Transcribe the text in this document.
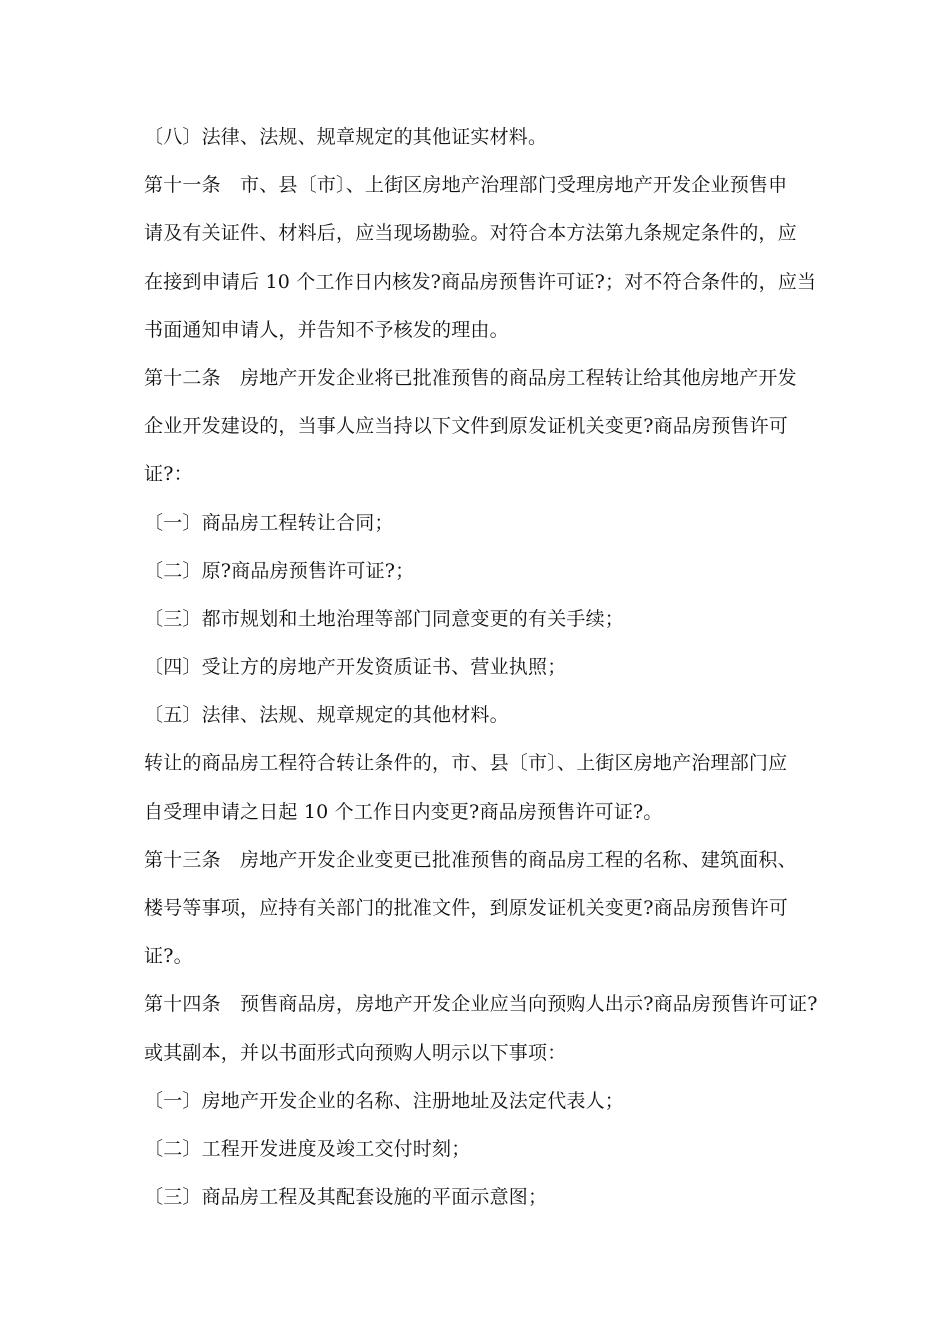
〔八〕法律、法规、规章规定的其他证实材料。
第十一条　市、县〔市〕、上街区房地产治理部门受理房地产开发企业预售申
请及有关证件、材料后，应当现场勘验。对符合本方法第九条规定条件的，应
在接到申请后 10 个工作日内核发?商品房预售许可证?；对不符合条件的，应当
书面通知申请人，并告知不予核发的理由。
第十二条　房地产开发企业将已批准预售的商品房工程转让给其他房地产开发
企业开发建设的，当事人应当持以下文件到原发证机关变更?商品房预售许可
证?：
〔一〕商品房工程转让合同；
〔二〕原?商品房预售许可证?；
〔三〕都市规划和土地治理等部门同意变更的有关手续；
〔四〕受让方的房地产开发资质证书、营业执照；
〔五〕法律、法规、规章规定的其他材料。
转让的商品房工程符合转让条件的，市、县〔市〕、上街区房地产治理部门应
自受理申请之日起 10 个工作日内变更?商品房预售许可证?。
第十三条　房地产开发企业变更已批准预售的商品房工程的名称、建筑面积、
楼号等事项，应持有关部门的批准文件，到原发证机关变更?商品房预售许可
证?。
第十四条　预售商品房，房地产开发企业应当向预购人出示?商品房预售许可证?
或其副本，并以书面形式向预购人明示以下事项：
〔一〕房地产开发企业的名称、注册地址及法定代表人；
〔二〕工程开发进度及竣工交付时刻；
〔三〕商品房工程及其配套设施的平面示意图；
